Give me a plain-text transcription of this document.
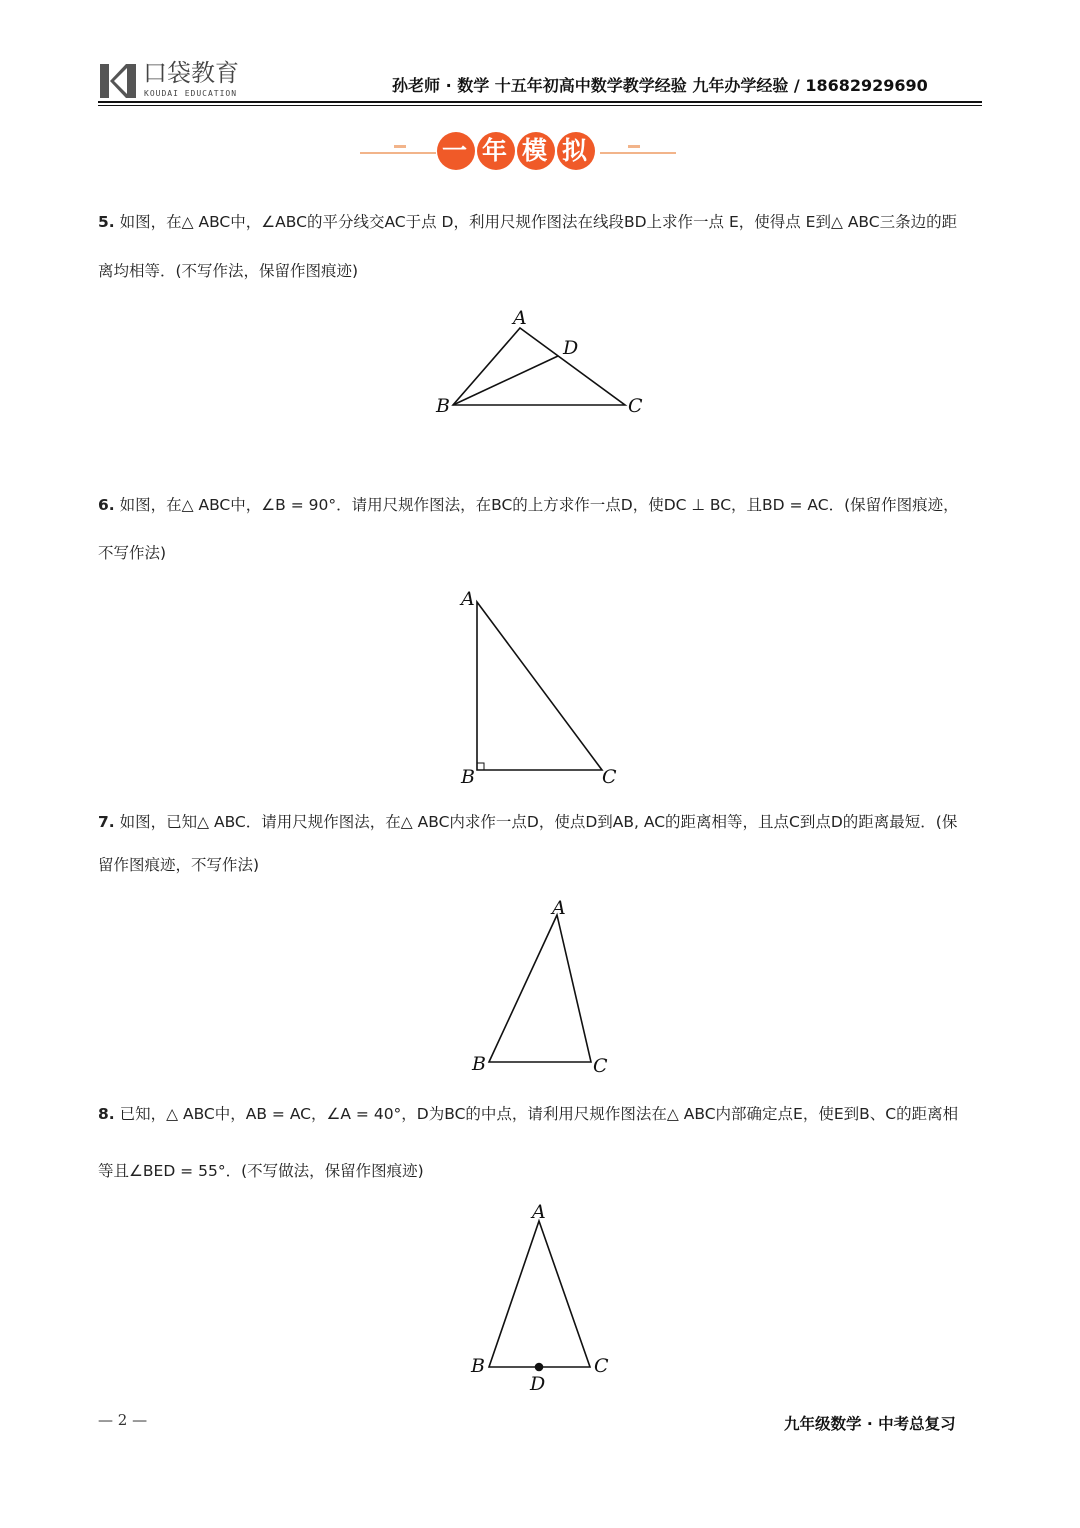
口袋教育
KOUDAI EDUCATION	孙老师 · 数学 十五年初高中数学教学经验 九年办学经验 / 18682929690
一 年 模 拟
5. 如图，在△ ABC中，∠ABC的平分线交AC于点 D，利用尺规作图法在线段BD上求作一点 E，使得点 E到△ ABC三条边的距
离均相等．(不写作法，保留作图痕迹)
6. 如图，在△ ABC中，∠B = 90°．请用尺规作图法，在BC的上方求作一点D，使DC ⊥ BC，且BD = AC．(保留作图痕迹，
不写作法)
7. 如图，已知△ ABC．请用尺规作图法，在△ ABC内求作一点D，使点D到AB, AC的距离相等，且点C到点D的距离最短．(保
留作图痕迹，不写作法)
8. 已知，△ ABC中，AB = AC，∠A = 40°，D为BC的中点，请利用尺规作图法在△ ABC内部确定点E，使E到B、C的距离相
等且∠BED = 55°．(不写做法，保留作图痕迹)
A
D
B	C
A
B	C
A
B	C
A
B	C
D
— 2 —	九年级数学 · 中考总复习
